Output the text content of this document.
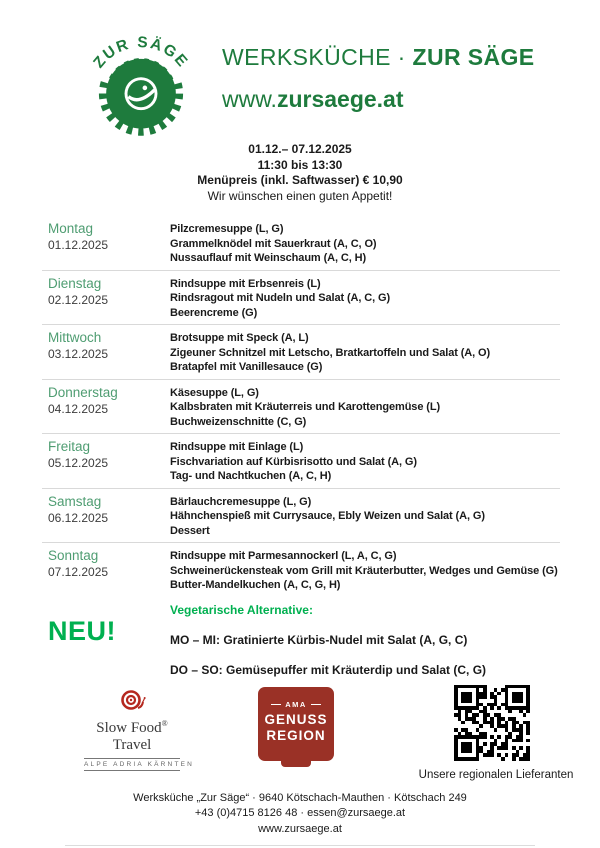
ZUR SÄGE WERKSKÜCHE · ZUR SÄGE
www.zursaege.at
01.12.– 07.12.2025
11:30 bis 13:30
Menüpreis (inkl. Saftwasser) € 10,90
Wir wünschen einen guten Appetit!
Montag
01.12.2025
Pilzcremesuppe (L, G)
Grammelknödel mit Sauerkraut (A, C, O)
Nussauflauf mit Weinschaum (A, C, H)
Dienstag
02.12.2025
Rindsuppe mit Erbsenreis (L)
Rindsragout mit Nudeln und Salat (A, C, G)
Beerencreme (G)
Mittwoch
03.12.2025
Brotsuppe mit Speck (A, L)
Zigeuner Schnitzel mit Letscho, Bratkartoffeln und Salat (A, O)
Bratapfel mit Vanillesauce (G)
Donnerstag
04.12.2025
Käsesuppe (L, G)
Kalbsbraten mit Kräuterreis und Karottengemüse (L)
Buchweizenschnitte (C, G)
Freitag
05.12.2025
Rindsuppe mit Einlage (L)
Fischvariation auf Kürbisrisotto und Salat (A, G)
Tag- und Nachtkuchen (A, C, H)
Samstag
06.12.2025
Bärlauchcremesuppe (L, G)
Hähnchenspieß mit Currysauce, Ebly Weizen und Salat (A, G)
Dessert
Sonntag
07.12.2025
Rindsuppe mit Parmesannockerl (L, A, C, G)
Schweinerückensteak vom Grill mit Kräuterbutter, Wedges und Gemüse (G)
Butter-Mandelkuchen (A, C, G, H)
NEU!
Vegetarische Alternative:
MO – MI: Gratinierte Kürbis-Nudel mit Salat (A, G, C)
DO – SO: Gemüsepuffer mit Kräuterdip und Salat (C, G)
Slow Food®
Travel
ALPE ADRIA KÄRNTEN
AMA
GENUSS
REGION
Unsere regionalen Lieferanten
Werksküche „Zur Säge“ · 9640 Kötschach-Mauthen · Kötschach 249
+43 (0)4715 8126 48 · essen@zursaege.at
www.zursaege.at
